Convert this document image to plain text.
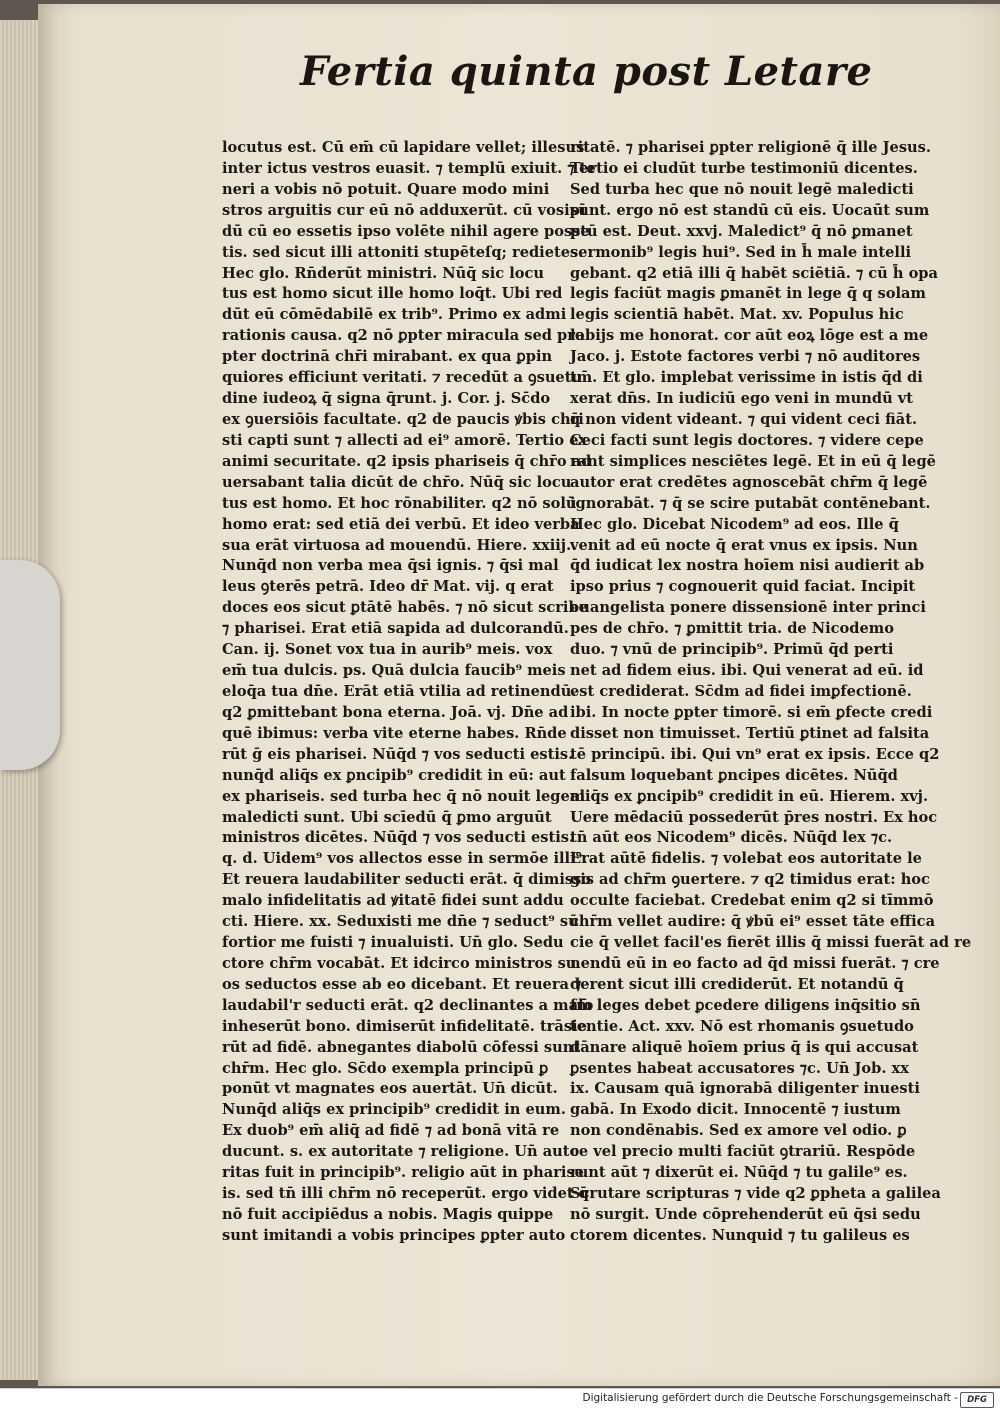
Fertia quinta post Letare
locutus est. Cū em̄ cū lapidare vellet; illesus
inter ictus vestros euasit. ⁊ templū exiuit. ⁊ te
neri a vobis nō potuit. Quare modo mini
stros arguitis cur eū nō adduxerūt. cū vosipī
dū cū eo essetis ipso volēte nihil agere posse
tis. sed sicut illi attoniti stupēteſq; redietes.
Hec glo. Rn̄derūt ministri. Nūq̄ sic locu
tus est homo sicut ille homo loq̄t. Ubi red
dūt eū cōmēdabilē ex trib⁹. Primo ex admi
rationis causa. q2 nō ꝑpter miracula sed pro
pter doctrinā chr̄i mirabant. ex qua ꝑpin
quiores efficiunt veritati. ⁊ recedūt a ꝯsuetu
dine iudeoꝝ q̄ signa q̄runt. j. Cor. j. Sc̄do
ex ꝯuersiōis facultate. q2 de paucis ꝟbis chri
sti capti sunt ⁊ allecti ad ei⁹ amorē. Tertio ex
animi securitate. q2 ipsis phariseis q̄ chr̄o ad
uersabant talia dicūt de chr̄o. Nūq̄ sic locu
tus est homo. Et hoc rōnabiliter. q2 nō solū
homo erat: sed etiā dei verbū. Et ideo verba
sua erāt virtuosa ad mouendū. Hiere. xxiij.
Nunq̄d non verba mea q̄si ignis. ⁊ q̄si mal
leus ꝯterēs petrā. Ideo dr̄ Mat. vij. q erat
doces eos sicut ꝑtātē habēs. ⁊ nō sicut scribe
⁊ pharisei. Erat etiā sapida ad dulcorandū.
Can. ij. Sonet vox tua in aurib⁹ meis. vox
em̄ tua dulcis. ps. Quā dulcia faucib⁹ meis
eloq̄a tua dn̄e. Erāt etiā vtilia ad retinendū.
q2 ꝑmittebant bona eterna. Joā. vj. Dn̄e ad
quē ibimus: verba vite eterne habes. Rn̄de
rūt ḡ eis pharisei. Nūq̄d ⁊ vos seducti estis.
nunq̄d aliq̄s ex ꝑncipib⁹ credidit in eū: aut
ex phariseis. sed turba hec q̄ nō nouit legem
maledicti sunt. Ubi scīedū q̄ ꝑmo arguūt
ministros dicētes. Nūq̄d ⁊ vos seducti estis.
q. d. Uidem⁹ vos allectos esse in sermōe illi⁹.
Et reuera laudabiliter seducti erāt. q̄ dimisso
malo infidelitatis ad ꝟitatē fidei sunt addu
cti. Hiere. xx. Seduxisti me dn̄e ⁊ seduct⁹ sū
fortior me fuisti ⁊ inualuisti. Un̄ glo. Sedu
ctore chr̄m vocabāt. Et idcirco ministros su
os seductos esse ab eo dicebant. Et reuera ⁊
laudabil'r seducti erāt. q2 declinantes a malo
inheserūt bono. dimiserūt infidelitatē. trāsie
rūt ad fidē. abnegantes diabolū cōfessi sunt
chr̄m. Hec glo. Sc̄do exempla principū ꝑ
ponūt vt magnates eos auertāt. Un̄ dicūt.
Nunq̄d aliq̄s ex principib⁹ credidit in eum.
Ex duob⁹ em̄ aliq̄ ad fidē ⁊ ad bonā vitā re
ducunt. s. ex autoritate ⁊ religione. Un̄ auto
ritas fuit in principib⁹. religio aūt in pharise
is. sed tn̄ illi chr̄m nō receperūt. ergo videt q̄
nō fuit accipiēdus a nobis. Magis quippe
sunt imitandi a vobis principes ꝑpter auto
ritatē. ⁊ pharisei ꝑpter religionē q̄ ille Jesus.
Tertio ei cludūt turbe testimoniū dicentes.
Sed turba hec que nō nouit legē maledicti
sunt. ergo nō est standū cū eis. Uocaūt sum
ptū est. Deut. xxvj. Maledict⁹ q̄ nō ꝑmanet
sermonib⁹ legis hui⁹. Sed in h̄ male intelli
gebant. q2 etiā illi q̄ habēt sciētiā. ⁊ cū h̄ opa
legis faciūt magis ꝑmanēt in lege q̄ q solam
legis scientiā habēt. Mat. xv. Populus hic
labijs me honorat. cor aūt eoꝝ lōge est a me
Jaco. j. Estote factores verbi ⁊ nō auditores
tm̄. Et glo. implebat verissime in istis q̄d di
xerat dn̄s. In iudiciū ego veni in mundū vt
q̄ non vident videant. ⁊ qui vident ceci fiāt.
Ceci facti sunt legis doctores. ⁊ videre cepe
rant simplices nesciētes legē. Et in eū q̄ legē
autor erat credētes agnoscebāt chr̄m q̄ legē
ignorabāt. ⁊ q̄ se scire putabāt contēnebant.
Hec glo. Dicebat Nicodem⁹ ad eos. Ille q̄
venit ad eū nocte q̄ erat vnus ex ipsis. Nun
q̄d iudicat lex nostra hoīem nisi audierit ab
ipso prius ⁊ cognouerit quid faciat. Incipit
euangelista ponere dissensionē inter princi
pes de chr̄o. ⁊ ꝑmittit tria. de Nicodemo
duo. ⁊ vnū de principib⁹. Primū q̄d perti
net ad fidem eius. ibi. Qui venerat ad eū. id
est crediderat. Sc̄dm ad fidei imꝑfectionē.
ibi. In nocte ꝑpter timorē. si em̄ ꝑfecte credi
disset non timuisset. Tertiū ꝑtinet ad falsita
tē principū. ibi. Qui vn⁹ erat ex ipsis. Ecce q2
falsum loquebant ꝑncipes dicētes. Nūq̄d
aliq̄s ex ꝑncipib⁹ credidit in eū. Hierem. xvj.
Uere mēdaciū possederūt p̄res nostri. Ex hoc
tn̄ aūt eos Nicodem⁹ dicēs. Nūq̄d lex ⁊c.
Erat aūtē fidelis. ⁊ volebat eos autoritate le
gis ad chr̄m ꝯuertere. ⁊ q2 timidus erat: hoc
occulte faciebat. Credebat enim q2 si tīmmō
chr̄m vellet audire: q̄ ꝟbū ei⁹ esset tāte effica
cie q̄ vellet facil'es fierēt illis q̄ missi fuerāt ad re
nendū eū in eo facto ad q̄d missi fuerāt. ⁊ cre
derent sicut illi crediderūt. Et notandū q̄
fm̄ leges debet ꝑcedere diligens inq̄sitio sn̄
tentie. Act. xxv. Nō est rhomanis ꝯsuetudo
dānare aliquē hoīem prius q̄ is qui accusat
ꝑsentes habeat accusatores ⁊c. Un̄ Job. xx
ix. Causam quā ignorabā diligenter inuesti
gabā. In Exodo dicit. Innocentē ⁊ iustum
non condēnabis. Sed ex amore vel odio. ꝑ
ce vel precio multi faciūt ꝯtrariū. Respōde
runt aūt ⁊ dixerūt ei. Nūq̄d ⁊ tu galile⁹ es.
Scrutare scripturas ⁊ vide q2 ꝑpheta a galilea
nō surgit. Unde cōprehenderūt eū q̄si sedu
ctorem dicentes. Nunquid ⁊ tu galileus es
Digitalisierung gefördert durch die Deutsche Forschungsgemeinschaft -	DFG
